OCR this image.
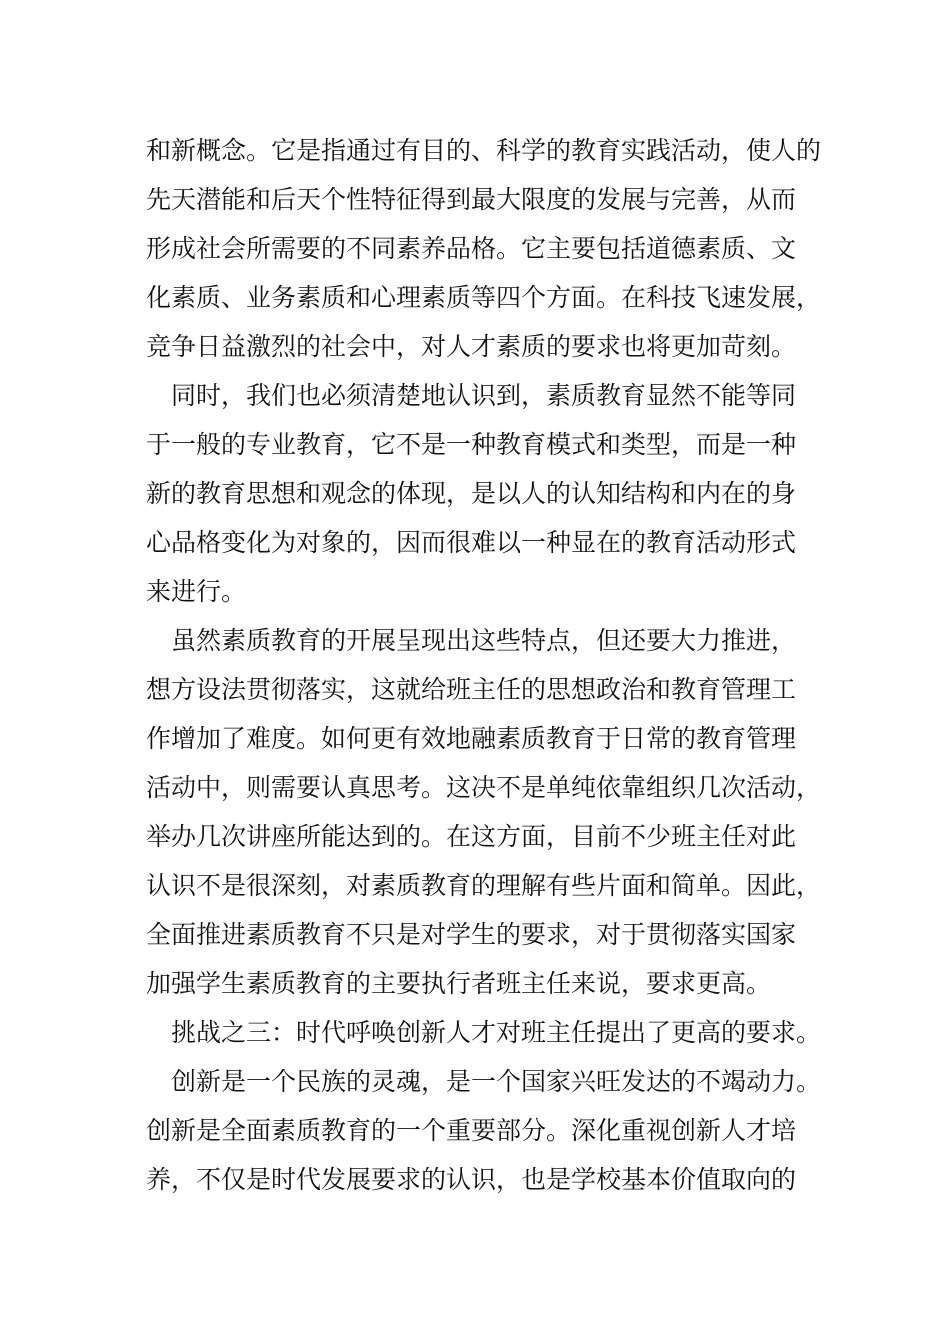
和新概念。它是指通过有目的、科学的教育实践活动，使人的
先天潜能和后天个性特征得到最大限度的发展与完善，从而
形成社会所需要的不同素养品格。它主要包括道德素质、文
化素质、业务素质和心理素质等四个方面。在科技飞速发展，
竞争日益激烈的社会中，对人才素质的要求也将更加苛刻。
　同时，我们也必须清楚地认识到，素质教育显然不能等同
于一般的专业教育，它不是一种教育模式和类型，而是一种
新的教育思想和观念的体现，是以人的认知结构和内在的身
心品格变化为对象的，因而很难以一种显在的教育活动形式
来进行。
　虽然素质教育的开展呈现出这些特点，但还要大力推进，
想方设法贯彻落实，这就给班主任的思想政治和教育管理工
作增加了难度。如何更有效地融素质教育于日常的教育管理
活动中，则需要认真思考。这决不是单纯依靠组织几次活动，
举办几次讲座所能达到的。在这方面，目前不少班主任对此
认识不是很深刻，对素质教育的理解有些片面和简单。因此，
全面推进素质教育不只是对学生的要求，对于贯彻落实国家
加强学生素质教育的主要执行者班主任来说，要求更高。
　挑战之三：时代呼唤创新人才对班主任提出了更高的要求。
　创新是一个民族的灵魂，是一个国家兴旺发达的不竭动力。
创新是全面素质教育的一个重要部分。深化重视创新人才培
养，不仅是时代发展要求的认识，也是学校基本价值取向的
